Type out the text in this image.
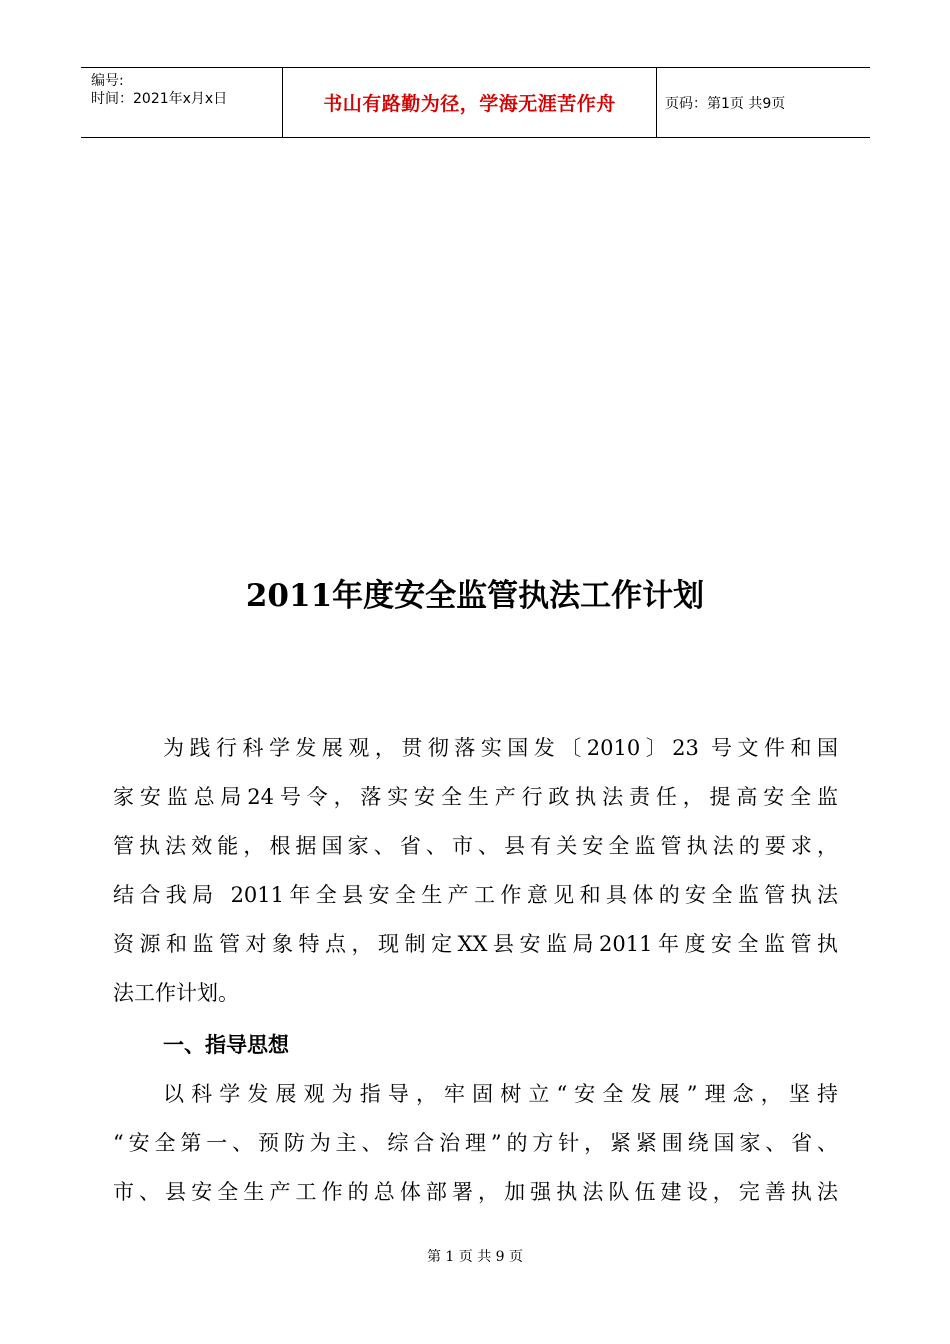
编号:
时间：2021年x月x日	书山有路勤为径，学海无涯苦作舟	页码：第1页 共9页
2011年度安全监管执法工作计划
为践行科学发展观，贯彻落实国发〔2010〕23 号文件和国
家安监总局24号令，落实安全生产行政执法责任，提高安全监
管执法效能，根据国家、省、市、县有关安全监管执法的要求，
结合我局 2011年全县安全生产工作意见和具体的安全监管执法
资源和监管对象特点，现制定XX县安监局2011年度安全监管执
法工作计划。
一、指导思想
以科学发展观为指导，牢固树立“安全发展”理念，坚持
“安全第一、预防为主、综合治理”的方针，紧紧围绕国家、省、
市、县安全生产工作的总体部署，加强执法队伍建设，完善执法
第 1 页 共 9 页
